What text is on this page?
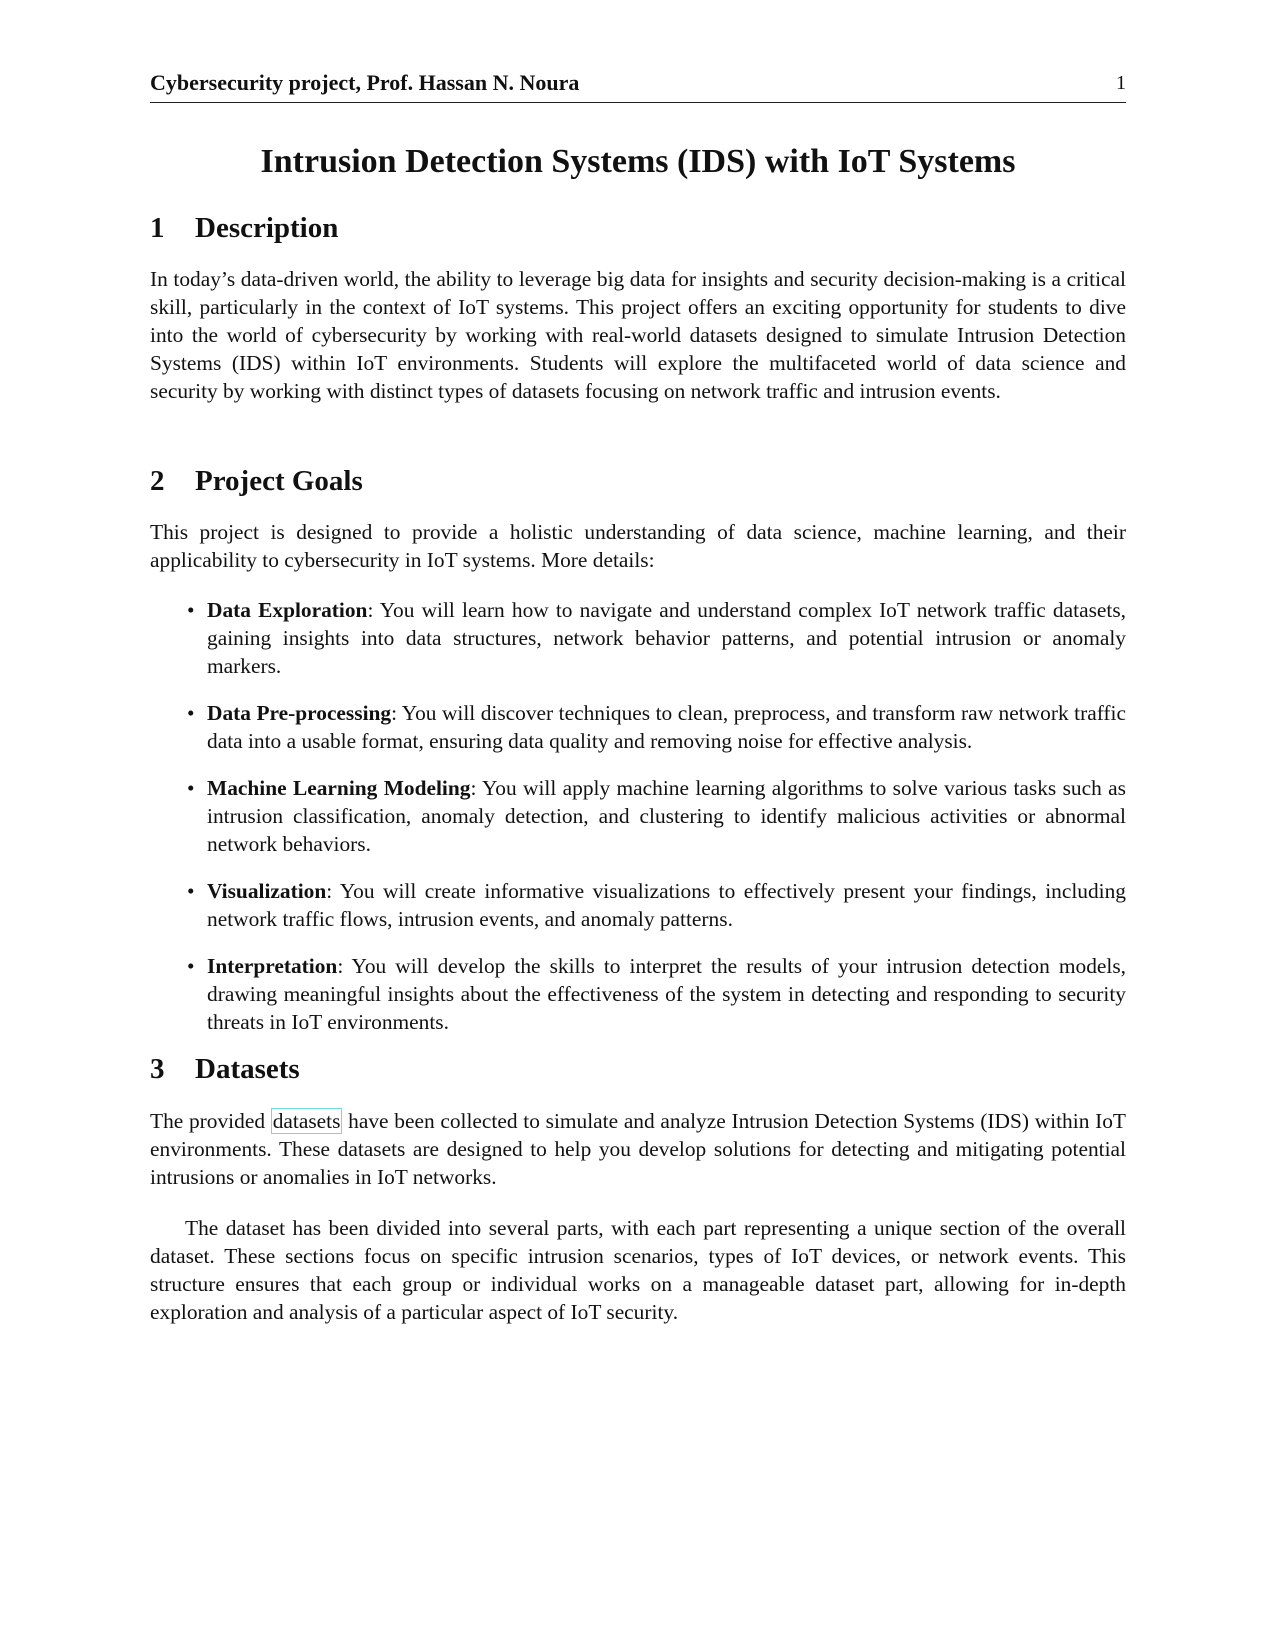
Cybersecurity project, Prof. Hassan N. Noura	1
Intrusion Detection Systems (IDS) with IoT Systems
1 Description

In today’s data-driven world, the ability to leverage big data for insights and security decision-making is a critical skill, particularly in the context of IoT systems. This project offers an exciting opportunity for students to dive into the world of cybersecurity by working with real-world datasets designed to simulate Intrusion Detection Systems (IDS) within IoT environments. Students will explore the multifaceted world of data science and security by working with distinct types of datasets focusing on network traffic and intrusion events.

2 Project Goals

This project is designed to provide a holistic understanding of data science, machine learning, and their applicability to cybersecurity in IoT systems. More details:

• Data Exploration: You will learn how to navigate and understand complex IoT network traffic datasets, gaining insights into data structures, network behavior patterns, and potential intrusion or anomaly markers.
• Data Pre-processing: You will discover techniques to clean, preprocess, and transform raw network traffic data into a usable format, ensuring data quality and removing noise for effective analysis.
• Machine Learning Modeling: You will apply machine learning algorithms to solve various tasks such as intrusion classification, anomaly detection, and clustering to identify malicious activities or abnormal network behaviors.
• Visualization: You will create informative visualizations to effectively present your findings, including network traffic flows, intrusion events, and anomaly patterns.
• Interpretation: You will develop the skills to interpret the results of your intrusion detection models, drawing meaningful insights about the effectiveness of the system in detecting and responding to security threats in IoT environments.
3 Datasets

The provided datasets have been collected to simulate and analyze Intrusion Detection Systems (IDS) within IoT environments. These datasets are designed to help you develop solutions for detecting and mitigating potential intrusions or anomalies in IoT networks.

The dataset has been divided into several parts, with each part representing a unique section of the overall dataset. These sections focus on specific intrusion scenarios, types of IoT devices, or network events. This structure ensures that each group or individual works on a manageable dataset part, allowing for in-depth exploration and analysis of a particular aspect of IoT security.
